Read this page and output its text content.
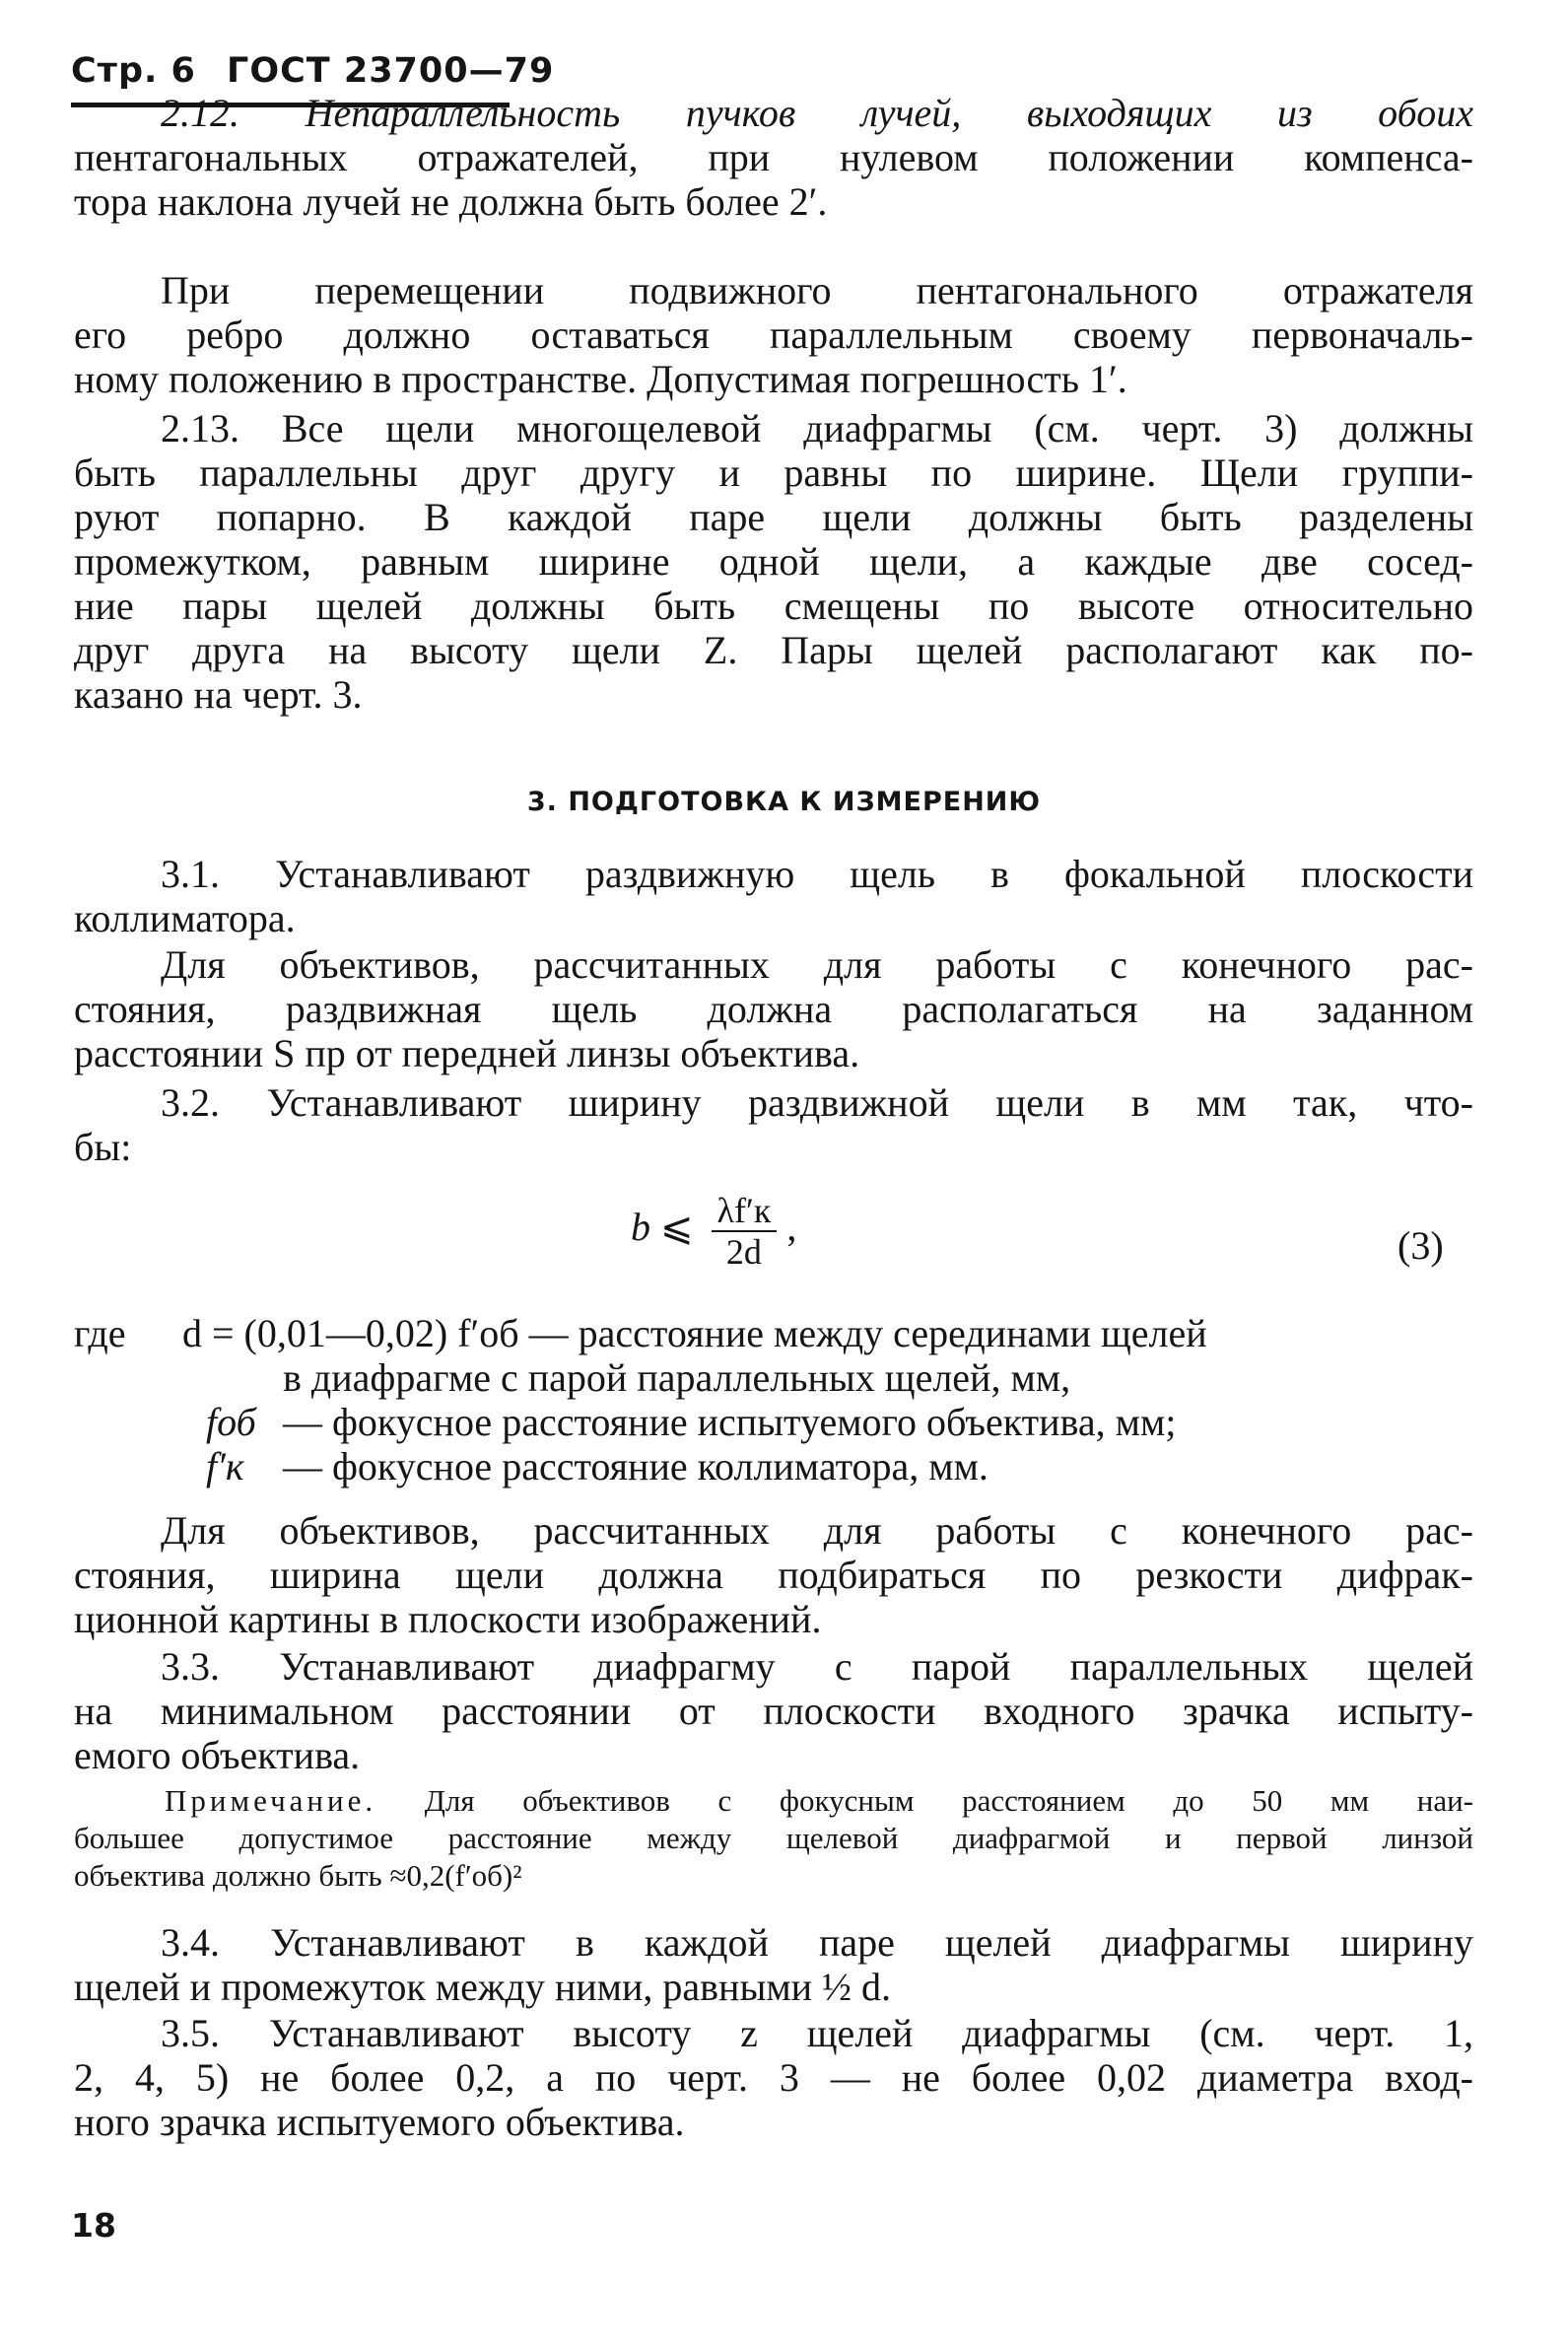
Стр. 6 ГОСТ 23700—79
2.12. Непараллельность пучков лучей, выходящих из обоих
пентагональных отражателей, при нулевом положении компенса-
тора наклона лучей не должна быть более 2′.
При перемещении подвижного пентагонального отражателя
его ребро должно оставаться параллельным своему первоначаль-
ному положению в пространстве. Допустимая погрешность 1′.
2.13. Все щели многощелевой диафрагмы (см. черт. 3) должны
быть параллельны друг другу и равны по ширине. Щели группи-
руют попарно. В каждой паре щели должны быть разделены
промежутком, равным ширине одной щели, а каждые две сосед-
ние пары щелей должны быть смещены по высоте относительно
друг друга на высоту щели Z. Пары щелей располагают как по-
казано на черт. 3.
3. ПОДГОТОВКА К ИЗМЕРЕНИЮ
3.1. Устанавливают раздвижную щель в фокальной плоскости
коллиматора.
Для объективов, рассчитанных для работы с конечного рас-
стояния, раздвижная щель должна располагаться на заданном
расстоянии S пр от передней линзы объектива.
3.2. Устанавливают ширину раздвижной щели в мм так, что-
бы:
b ⩽ $\frac{\lambda f'к}{2d}$ ,	(3)
где d = (0,01—0,02) f′об — расстояние между серединами щелей
в диафрагме с парой параллельных щелей, мм,
fоб — фокусное расстояние испытуемого объектива, мм;
f′к — фокусное расстояние коллиматора, мм.
Для объективов, рассчитанных для работы с конечного рас-
стояния, ширина щели должна подбираться по резкости дифрак-
ционной картины в плоскости изображений.
3.3. Устанавливают диафрагму с парой параллельных щелей
на минимальном расстоянии от плоскости входного зрачка испыту-
емого объектива.
Примечание. Для объективов с фокусным расстоянием до 50 мм наи-
большее допустимое расстояние между щелевой диафрагмой и первой линзой
объектива должно быть ≈0,2(f′об)²
3.4. Устанавливают в каждой паре щелей диафрагмы ширину
щелей и промежуток между ними, равными ½ d.
3.5. Устанавливают высоту z щелей диафрагмы (см. черт. 1,
2, 4, 5) не более 0,2, а по черт. 3 — не более 0,02 диаметра вход-
ного зрачка испытуемого объектива.
18
